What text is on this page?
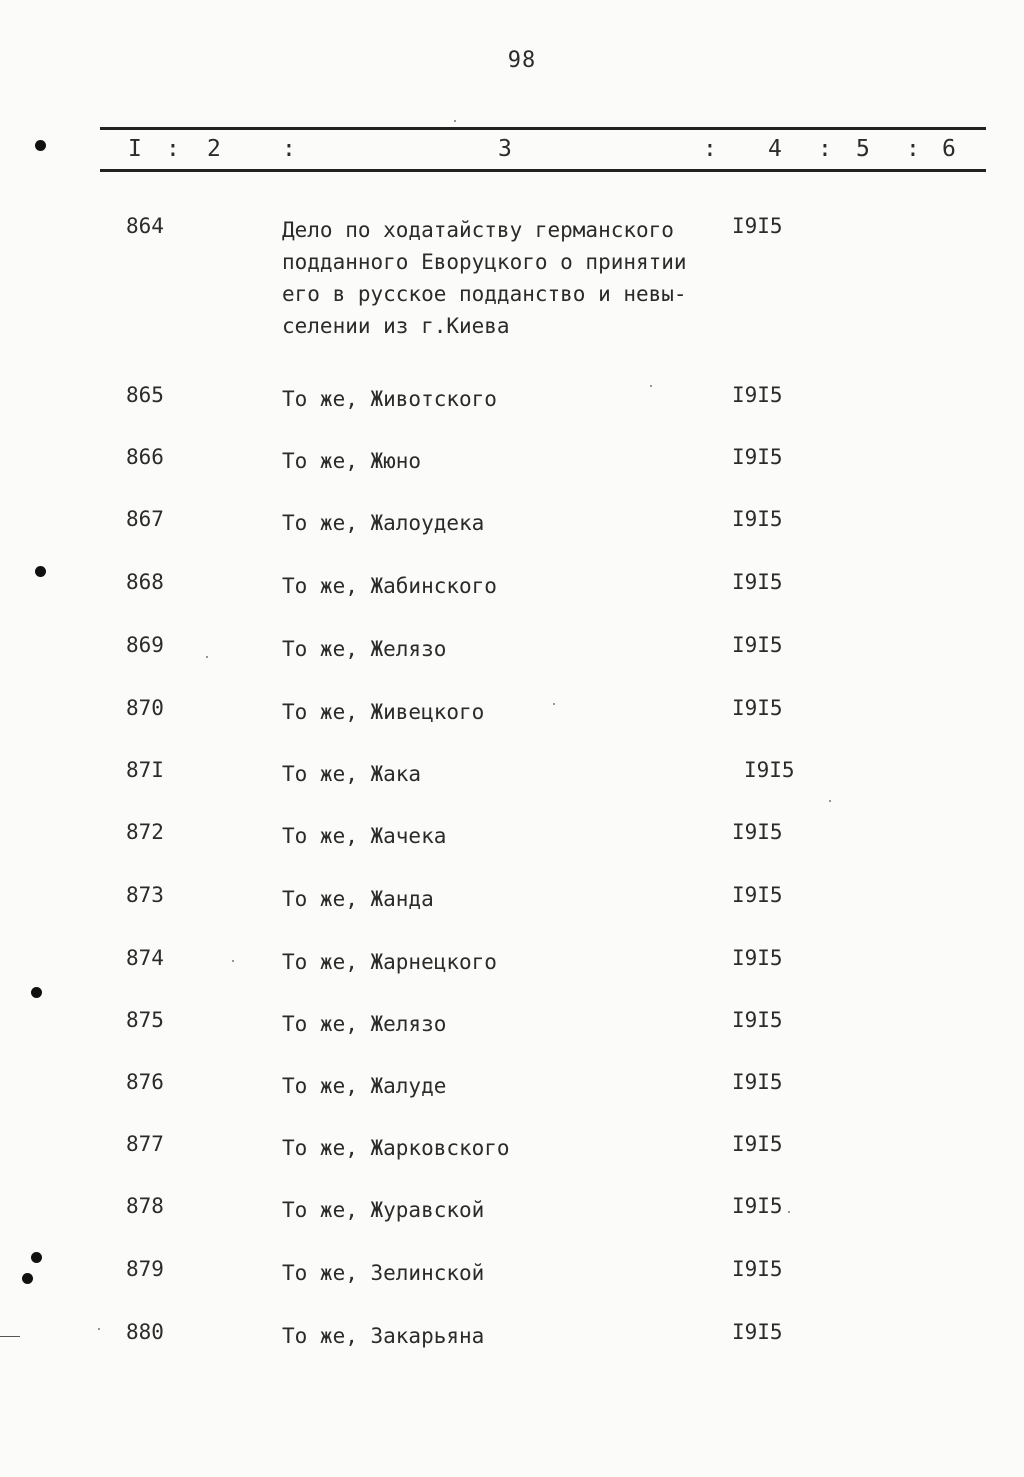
98
I : 2	:	3	: 4 : 5 : 6
864	Дело по ходатайству германского
подданного Еворуцкого о принятии
его в русское подданство и невы-
селении из г.Киева
I9I5
865	То же, Животского	I9I5
866	То же, Жюно	I9I5
867	То же, Жалоудека	I9I5
868	То же, Жабинского	I9I5
869	То же, Желязо	I9I5
870	То же, Живецкого	I9I5
87I	То же, Жака	I9I5
872	То же, Жачека	I9I5
873	То же, Жанда	I9I5
874	То же, Жарнецкого	I9I5
875	То же, Желязо	I9I5
876	То же, Жалуде	I9I5
877	То же, Жарковского	I9I5
878	То же, Журавской	I9I5
879	То же, Зелинской	I9I5
880	То же, Закарьяна	I9I5
